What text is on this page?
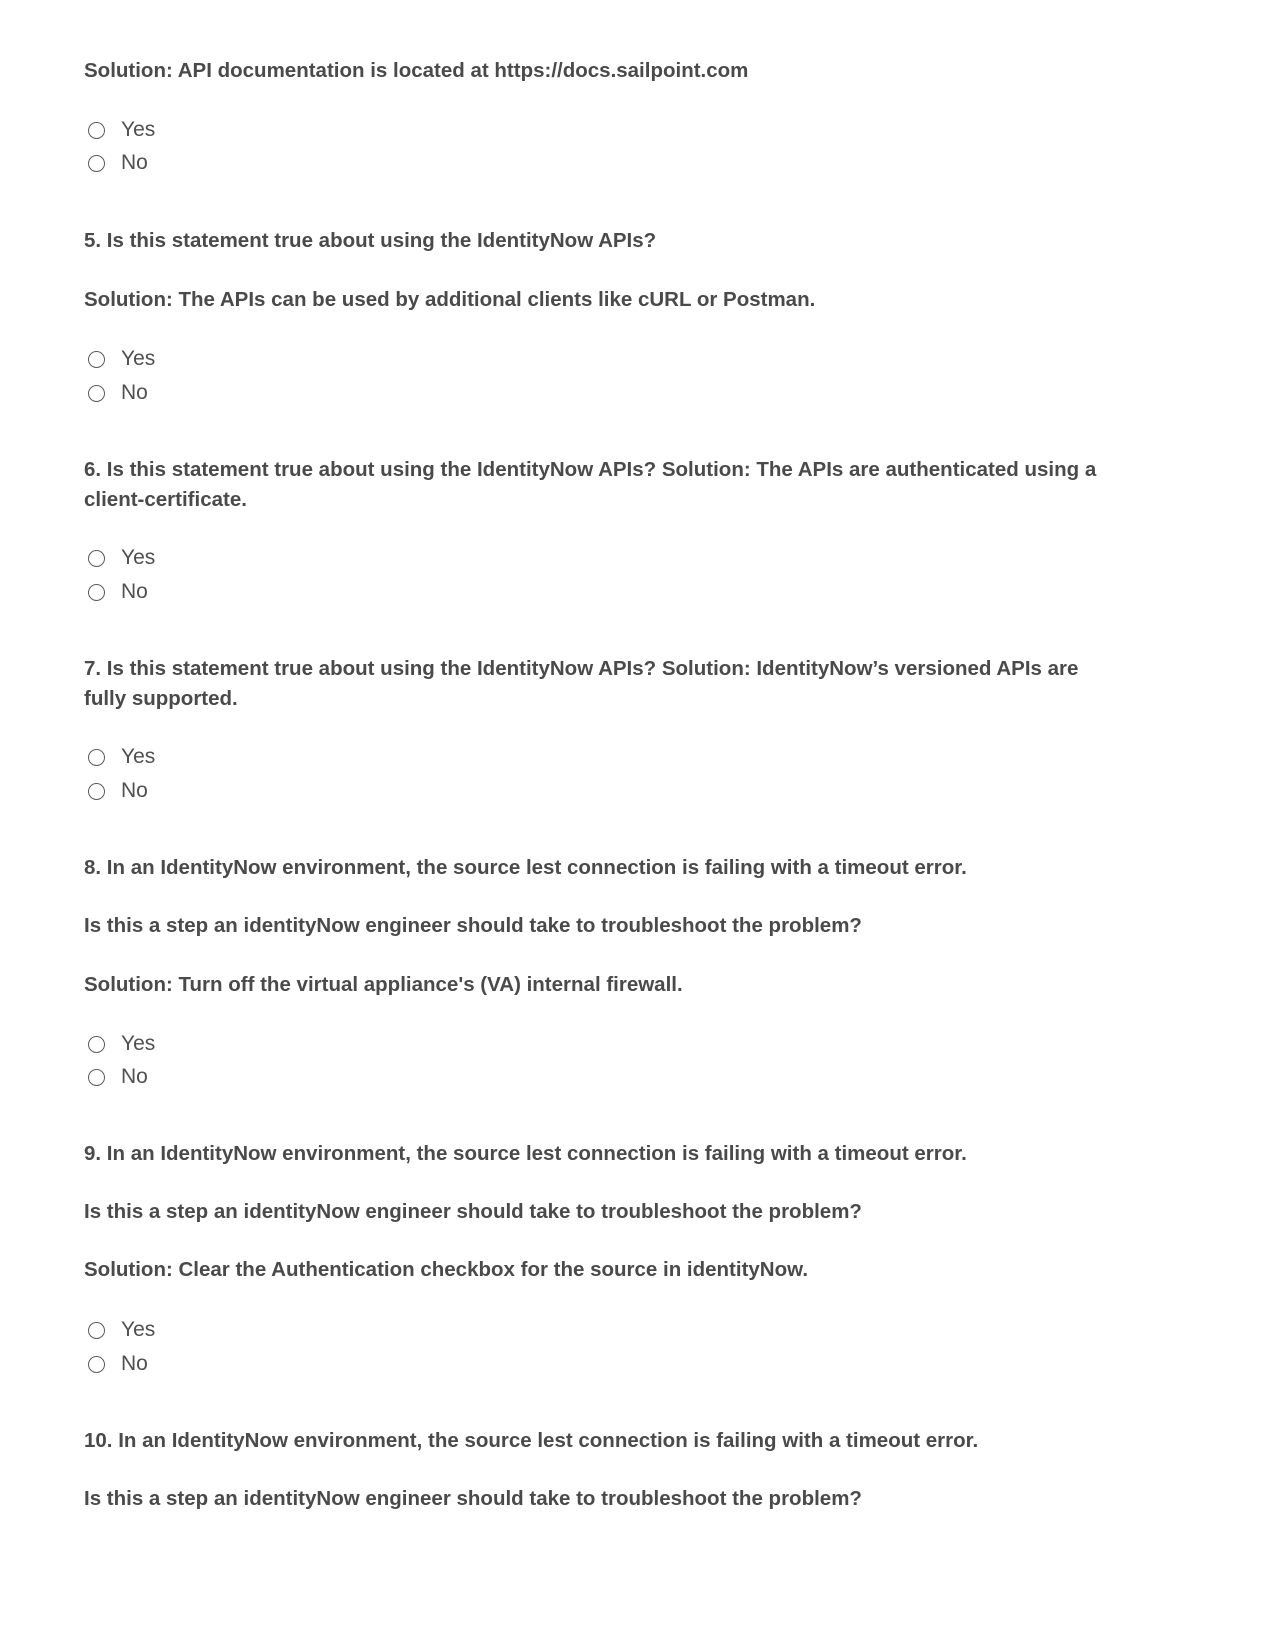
Solution: API documentation is located at https://docs.sailpoint.com

Yes
No

5. Is this statement true about using the IdentityNow APIs?

Solution: The APIs can be used by additional clients like cURL or Postman.

Yes
No

6. Is this statement true about using the IdentityNow APIs? Solution: The APIs are authenticated using a

client-certificate.

Yes
No

7. Is this statement true about using the IdentityNow APIs? Solution: IdentityNow’s versioned APIs are

fully supported.

Yes
No

8. In an IdentityNow environment, the source lest connection is failing with a timeout error.

Is this a step an identityNow engineer should take to troubleshoot the problem?

Solution: Turn off the virtual appliance's (VA) internal firewall.

Yes
No

9. In an IdentityNow environment, the source lest connection is failing with a timeout error.

Is this a step an identityNow engineer should take to troubleshoot the problem?

Solution: Clear the Authentication checkbox for the source in identityNow.

Yes
No

10. In an IdentityNow environment, the source lest connection is failing with a timeout error.

Is this a step an identityNow engineer should take to troubleshoot the problem?
